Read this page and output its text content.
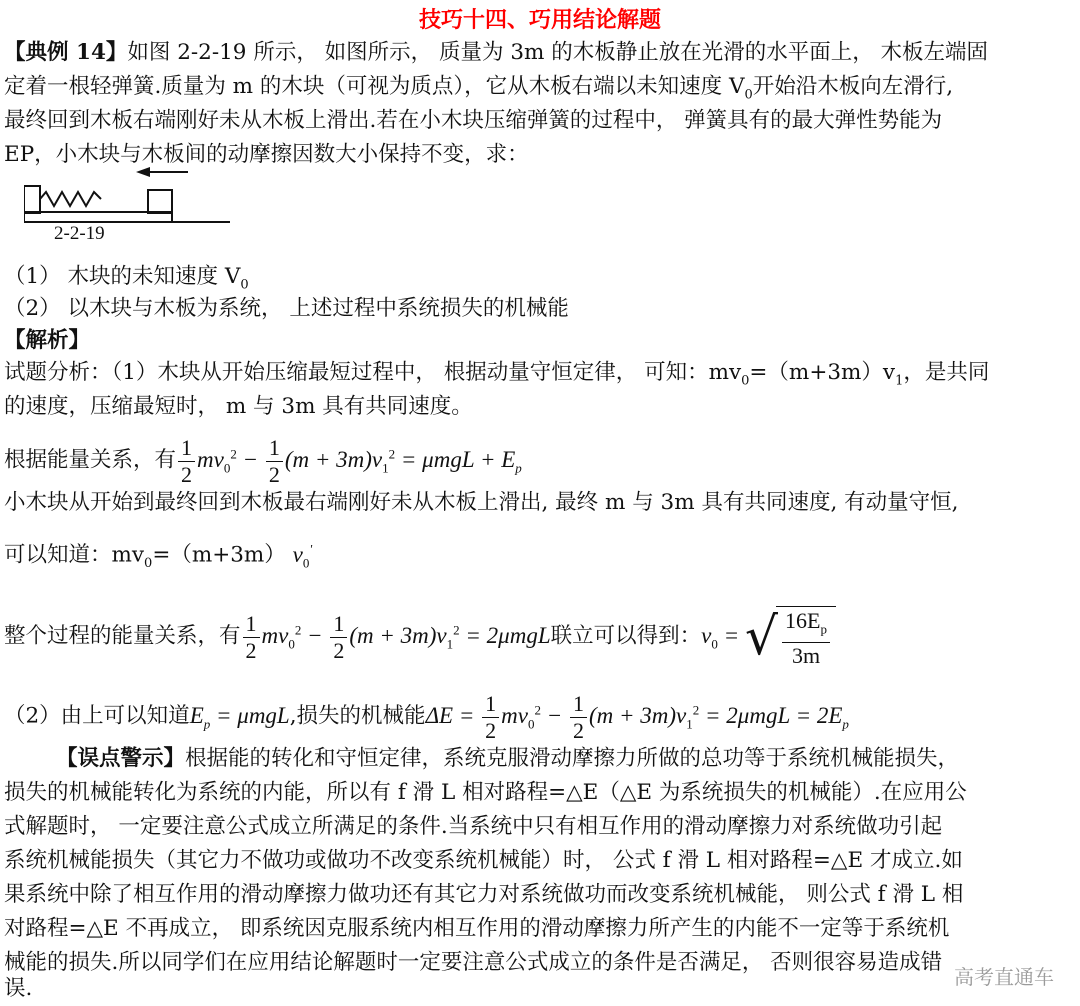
技巧十四、巧用结论解题
【典例 14】如图 2-2-19 所示， 如图所示， 质量为 3m 的木板静止放在光滑的水平面上， 木板左端固
定着一根轻弹簧.质量为 m 的木块（可视为质点），它从木板右端以未知速度 $V_0$开始沿木板向左滑行,
最终回到木板右端刚好未从木板上滑出.若在小木块压缩弹簧的过程中， 弹簧具有的最大弹性势能为
EP，小木块与木板间的动摩擦因数大小保持不变，求：
2-2-19
（1） 木块的未知速度 $V_0$
（2） 以木块与木板为系统， 上述过程中系统损失的机械能
【解析】
试题分析：（1）木块从开始压缩最短过程中， 根据动量守恒定律， 可知：$mv_0=(m+3m)v_1$，是共同
的速度，压缩最短时， m 与 3m 具有共同速度。
根据能量关系，有 $\frac{1}{2} mv_0^2 - \frac{1}{2} (m + 3m)v_1^2 = \mu mgL + E_p$
小木块从开始到最终回到木板最右端刚好未从木板上滑出, 最终 m 与 3m 具有共同速度, 有动量守恒,
可以知道：$mv_0=(m+3m)$ $v_0'$
整个过程的能量关系，有 $\frac{1}{2} mv_0^2 - \frac{1}{2} (m + 3m)v_1^2 = 2\mu mgL$联立可以得到：$v_0$ = √ $\frac{16E_p}{3m}$
（2）由上可以知道$E_p = \mu mgL$,损失的机械能$\Delta E = \frac{1}{2} mv_0^2 - \frac{1}{2} (m + 3m)v_1^2 = 2\mu mgL = 2E_p$
【误点警示】根据能的转化和守恒定律，系统克服滑动摩擦力所做的总功等于系统机械能损失，
损失的机械能转化为系统的内能，所以有 f 滑 L 相对路程=△E（△E 为系统损失的机械能）.在应用公
式解题时， 一定要注意公式成立所满足的条件.当系统中只有相互作用的滑动摩擦力对系统做功引起
系统机械能损失（其它力不做功或做功不改变系统机械能）时， 公式 f 滑 L 相对路程=△E 才成立.如
果系统中除了相互作用的滑动摩擦力做功还有其它力对系统做功而改变系统机械能， 则公式 f 滑 L 相
对路程=△E 不再成立， 即系统因克服系统内相互作用的滑动摩擦力所产生的内能不一定等于系统机
械能的损失.所以同学们在应用结论解题时一定要注意公式成立的条件是否满足， 否则很容易造成错
误.	高考直通车
